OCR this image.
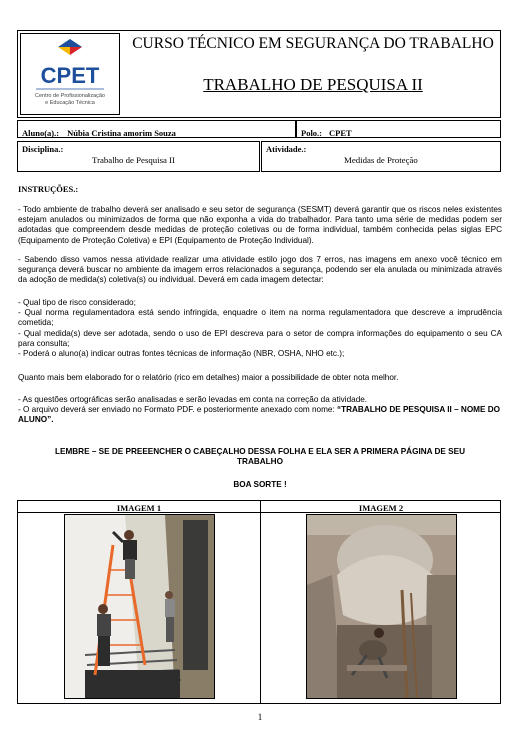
CPET
Centro de Profissionalização
e Educação Técnica
CURSO TÉCNICO EM SEGURANÇA DO TRABALHO
TRABALHO DE PESQUISA II
Aluno(a).: Núbia Cristina amorim Souza	Polo.: CPET
Disciplina.:
Trabalho de Pesquisa II
Atividade.:
Medidas de Proteção
INSTRUÇÕES.:

- Todo ambiente de trabalho deverá ser analisado e seu setor de segurança (SESMT) deverá garantir que os riscos neles existentes estejam anulados ou minimizados de forma que não exponha a vida do trabalhador. Para tanto uma série de medidas podem ser adotadas que compreendem desde medidas de proteção coletivas ou de forma individual, também conhecida pelas siglas EPC (Equipamento de Proteção Coletiva) e EPI (Equipamento de Proteção Individual).

- Sabendo disso vamos nessa atividade realizar uma atividade estilo jogo dos 7 erros, nas imagens em anexo você técnico em segurança deverá buscar no ambiente da imagem erros relacionados a segurança, podendo ser ela anulada ou minimizada através da adoção de medida(s) coletiva(s) ou individual. Deverá em cada imagem detectar:

- Qual tipo de risco considerado;

- Qual norma regulamentadora está sendo infringida, enquadre o item na norma regulamentadora que descreve a imprudência cometida;

- Qual medida(s) deve ser adotada, sendo o uso de EPI descreva para o setor de compra informações do equipamento o seu CA para consulta;

- Poderá o aluno(a) indicar outras fontes técnicas de informação (NBR, OSHA, NHO etc.);

Quanto mais bem elaborado for o relatório (rico em detalhes) maior a possibilidade de obter nota melhor.
- As questões ortográficas serão analisadas e serão levadas em conta na correção da atividade.
- O arquivo deverá ser enviado no Formato PDF. e posteriormente anexado com nome: “TRABALHO DE PESQUISA II – NOME DO ALUNO”.
LEMBRE – SE DE PREEENCHER O CABEÇALHO DESSA FOLHA E ELA SER A PRIMERA PÁGINA DE SEU TRABALHO
BOA SORTE !
IMAGEM 1	IMAGEM 2
1
